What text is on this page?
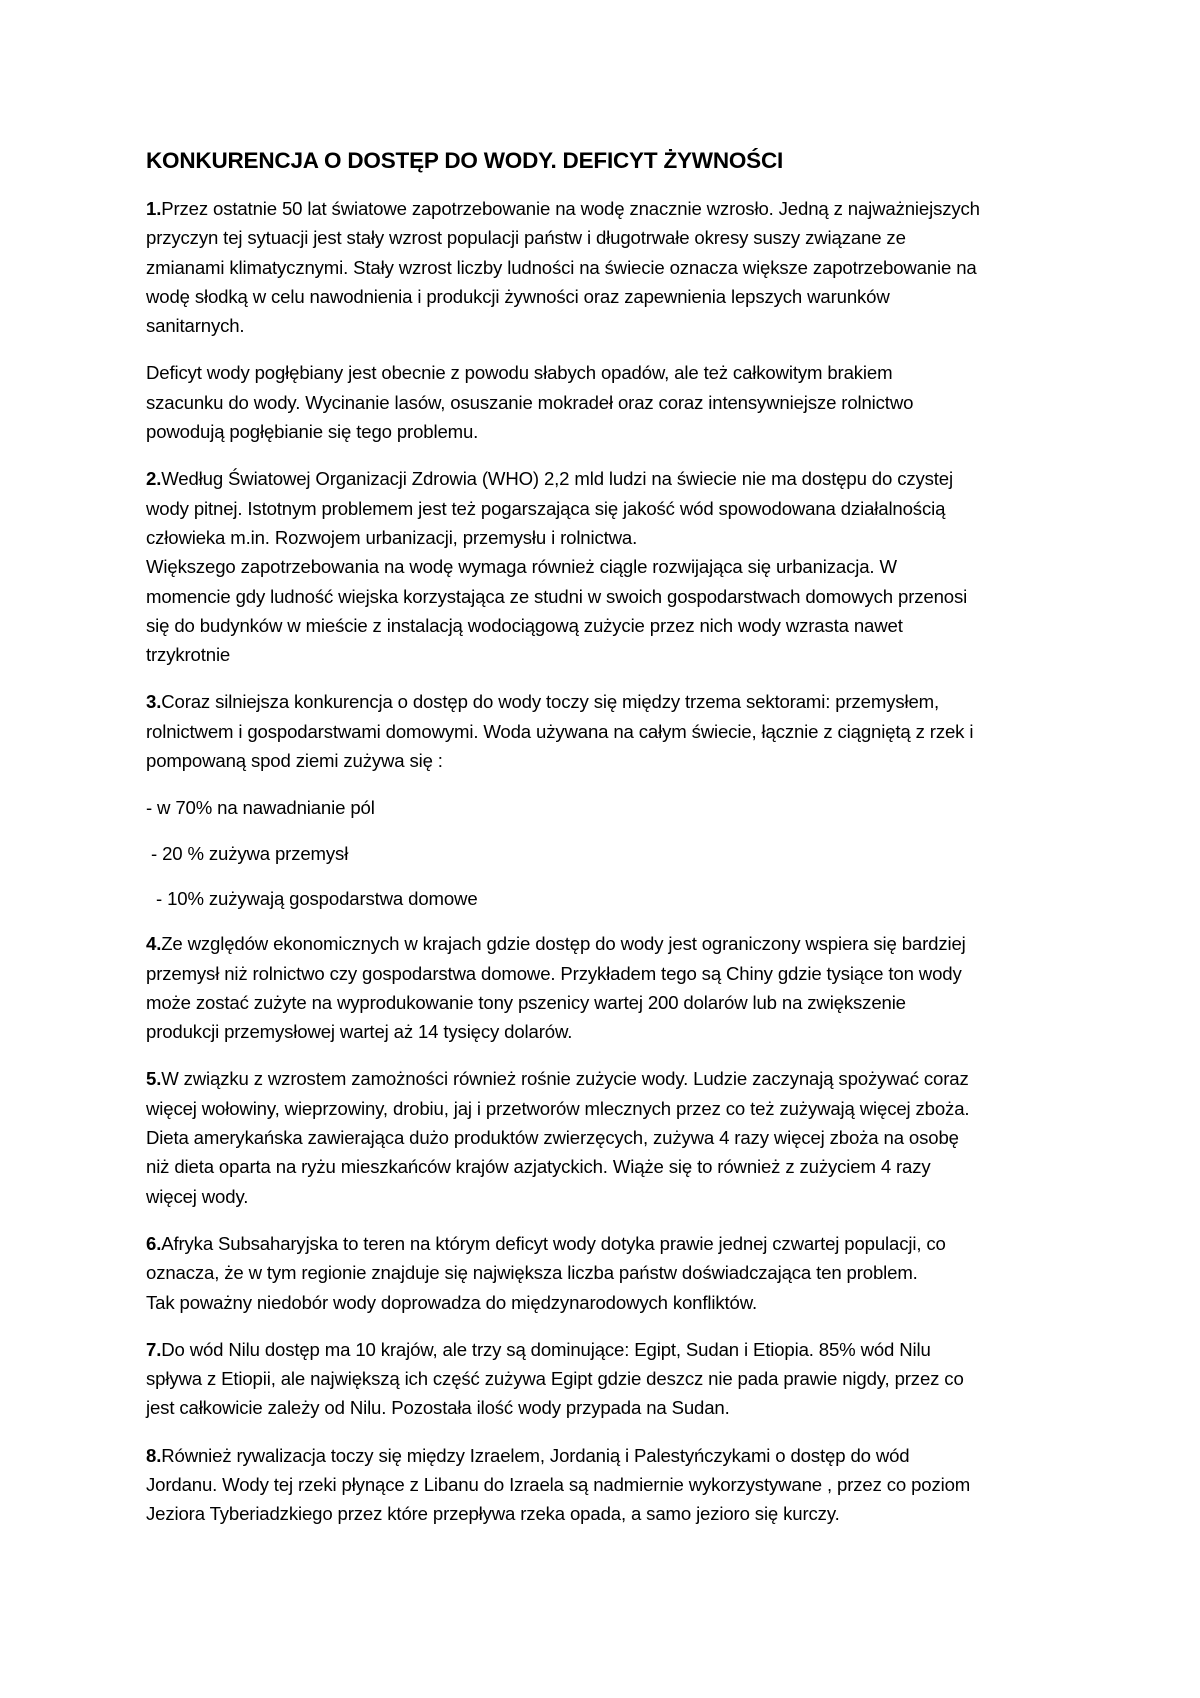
KONKURENCJA O DOSTĘP DO WODY. DEFICYT ŻYWNOŚCI

1.Przez ostatnie 50 lat światowe zapotrzebowanie na wodę znacznie wzrosło. Jedną z najważniejszych
przyczyn tej sytuacji jest stały wzrost populacji państw i długotrwałe okresy suszy związane ze
zmianami klimatycznymi. Stały wzrost liczby ludności na świecie oznacza większe zapotrzebowanie na
wodę słodką w celu nawodnienia i produkcji żywności oraz zapewnienia lepszych warunków
sanitarnych.

Deficyt wody pogłębiany jest obecnie z powodu słabych opadów, ale też całkowitym brakiem
szacunku do wody. Wycinanie lasów, osuszanie mokradeł oraz coraz intensywniejsze rolnictwo
powodują pogłębianie się tego problemu.

2.Według Światowej Organizacji Zdrowia (WHO) 2,2 mld ludzi na świecie nie ma dostępu do czystej
wody pitnej. Istotnym problemem jest też pogarszająca się jakość wód spowodowana działalnością
człowieka m.in. Rozwojem urbanizacji, przemysłu i rolnictwa.
Większego zapotrzebowania na wodę wymaga również ciągle rozwijająca się urbanizacja. W
momencie gdy ludność wiejska korzystająca ze studni w swoich gospodarstwach domowych przenosi
się do budynków w mieście z instalacją wodociągową zużycie przez nich wody wzrasta nawet
trzykrotnie

3.Coraz silniejsza konkurencja o dostęp do wody toczy się między trzema sektorami: przemysłem,
rolnictwem i gospodarstwami domowymi. Woda używana na całym świecie, łącznie z ciągniętą z rzek i
pompowaną spod ziemi zużywa się :

- w 70% na nawadnianie pól
- 20 % zużywa przemysł
- 10% zużywają gospodarstwa domowe

4.Ze względów ekonomicznych w krajach gdzie dostęp do wody jest ograniczony wspiera się bardziej
przemysł niż rolnictwo czy gospodarstwa domowe. Przykładem tego są Chiny gdzie tysiące ton wody
może zostać zużyte na wyprodukowanie tony pszenicy wartej 200 dolarów lub na zwiększenie
produkcji przemysłowej wartej aż 14 tysięcy dolarów.

5.W związku z wzrostem zamożności również rośnie zużycie wody. Ludzie zaczynają spożywać coraz
więcej wołowiny, wieprzowiny, drobiu, jaj i przetworów mlecznych przez co też zużywają więcej zboża.
Dieta amerykańska zawierająca dużo produktów zwierzęcych, zużywa 4 razy więcej zboża na osobę
niż dieta oparta na ryżu mieszkańców krajów azjatyckich. Wiąże się to również z zużyciem 4 razy
więcej wody.

6.Afryka Subsaharyjska to teren na którym deficyt wody dotyka prawie jednej czwartej populacji, co
oznacza, że w tym regionie znajduje się największa liczba państw doświadczająca ten problem.
Tak poważny niedobór wody doprowadza do międzynarodowych konfliktów.

7.Do wód Nilu dostęp ma 10 krajów, ale trzy są dominujące: Egipt, Sudan i Etiopia. 85% wód Nilu
spływa z Etiopii, ale największą ich część zużywa Egipt gdzie deszcz nie pada prawie nigdy, przez co
jest całkowicie zależy od Nilu. Pozostała ilość wody przypada na Sudan.

8.Również rywalizacja toczy się między Izraelem, Jordanią i Palestyńczykami o dostęp do wód
Jordanu. Wody tej rzeki płynące z Libanu do Izraela są nadmiernie wykorzystywane , przez co poziom
Jeziora Tyberiadzkiego przez które przepływa rzeka opada, a samo jezioro się kurczy.
